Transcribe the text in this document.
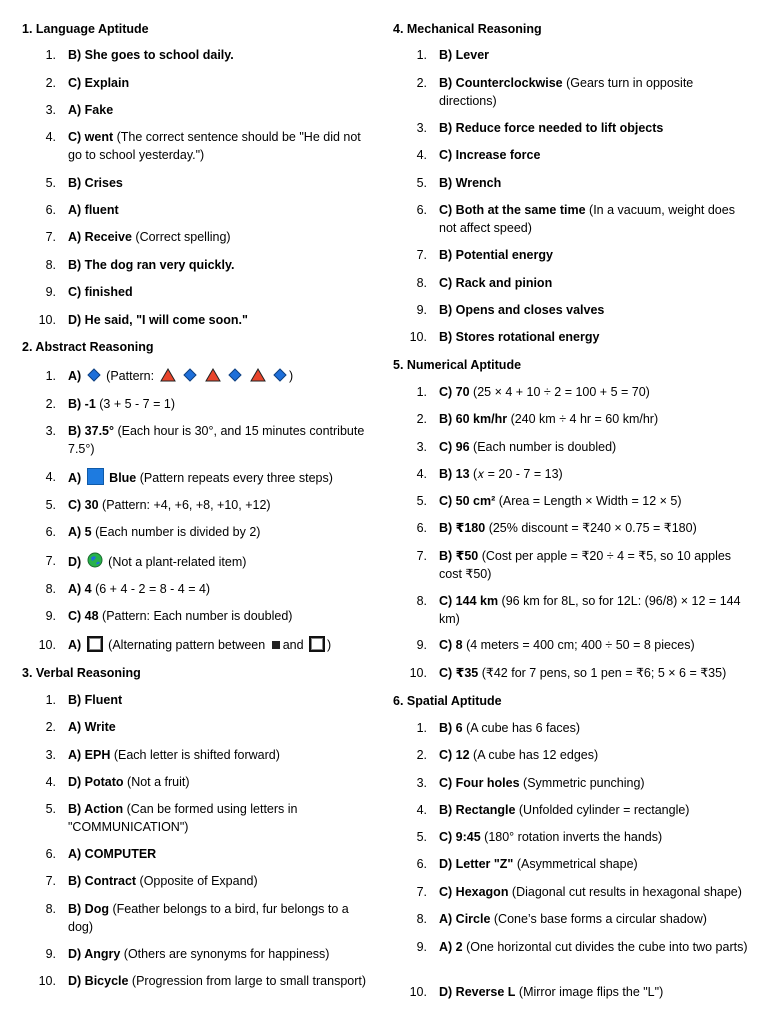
1. Language Aptitude
1. B) She goes to school daily.
2. C) Explain
3. A) Fake
4. C) went (The correct sentence should be "He did not go to school yesterday.")
5. B) Crises
6. A) fluent
7. A) Receive (Correct spelling)
8. B) The dog ran very quickly.
9. C) finished
10. D) He said, "I will come soon."
2. Abstract Reasoning
1. A) (Pattern:	)
2. B) -1 (3 + 5 - 7 = 1)
3. B) 37.5° (Each hour is 30°, and 15 minutes contribute 7.5°)
4. A) Blue (Pattern repeats every three steps)
5. C) 30 (Pattern: +4, +6, +8, +10, +12)
6. A) 5 (Each number is divided by 2)
7. D)  (Not a plant-related item)
8. A) 4 (6 + 4 - 2 = 8 - 4 = 4)
9. C) 48 (Pattern: Each number is doubled)
10. A)  (Alternating pattern between and )
3. Verbal Reasoning
1. B) Fluent
2. A) Write
3. A) EPH (Each letter is shifted forward)
4. D) Potato (Not a fruit)
5. B) Action (Can be formed using letters in "COMMUNICATION")
6. A) COMPUTER
7. B) Contract (Opposite of Expand)
8. B) Dog (Feather belongs to a bird, fur belongs to a dog)
9. D) Angry (Others are synonyms for happiness)
10. D) Bicycle (Progression from large to small transport)
4. Mechanical Reasoning
1. B) Lever
2. B) Counterclockwise (Gears turn in opposite directions)
3. B) Reduce force needed to lift objects
4. C) Increase force
5. B) Wrench
6. C) Both at the same time (In a vacuum, weight does not affect speed)
7. B) Potential energy
8. C) Rack and pinion
9. B) Opens and closes valves
10. B) Stores rotational energy
5. Numerical Aptitude
1. C) 70 (25 × 4 + 10 ÷ 2 = 100 + 5 = 70)
2. B) 60 km/hr (240 km ÷ 4 hr = 60 km/hr)
3. C) 96 (Each number is doubled)
4. B) 13 (𝑥 = 20 - 7 = 13)
5. C) 50 cm² (Area = Length × Width = 12 × 5)
6. B) ₹180 (25% discount = ₹240 × 0.75 = ₹180)
7. B) ₹50 (Cost per apple = ₹20 ÷ 4 = ₹5, so 10 apples cost ₹50)
8. C) 144 km (96 km for 8L, so for 12L: (96/8) × 12 = 144 km)
9. C) 8 (4 meters = 400 cm; 400 ÷ 50 = 8 pieces)
10. C) ₹35 (₹42 for 7 pens, so 1 pen = ₹6; 5 × 6 = ₹35)
6. Spatial Aptitude
1. B) 6 (A cube has 6 faces)
2. C) 12 (A cube has 12 edges)
3. C) Four holes (Symmetric punching)
4. B) Rectangle (Unfolded cylinder = rectangle)
5. C) 9:45 (180° rotation inverts the hands)
6. D) Letter "Z" (Asymmetrical shape)
7. C) Hexagon (Diagonal cut results in hexagonal shape)
8. A) Circle (Cone’s base forms a circular shadow)
9. A) 2 (One horizontal cut divides the cube into two parts)
10. D) Reverse L (Mirror image flips the "L")
